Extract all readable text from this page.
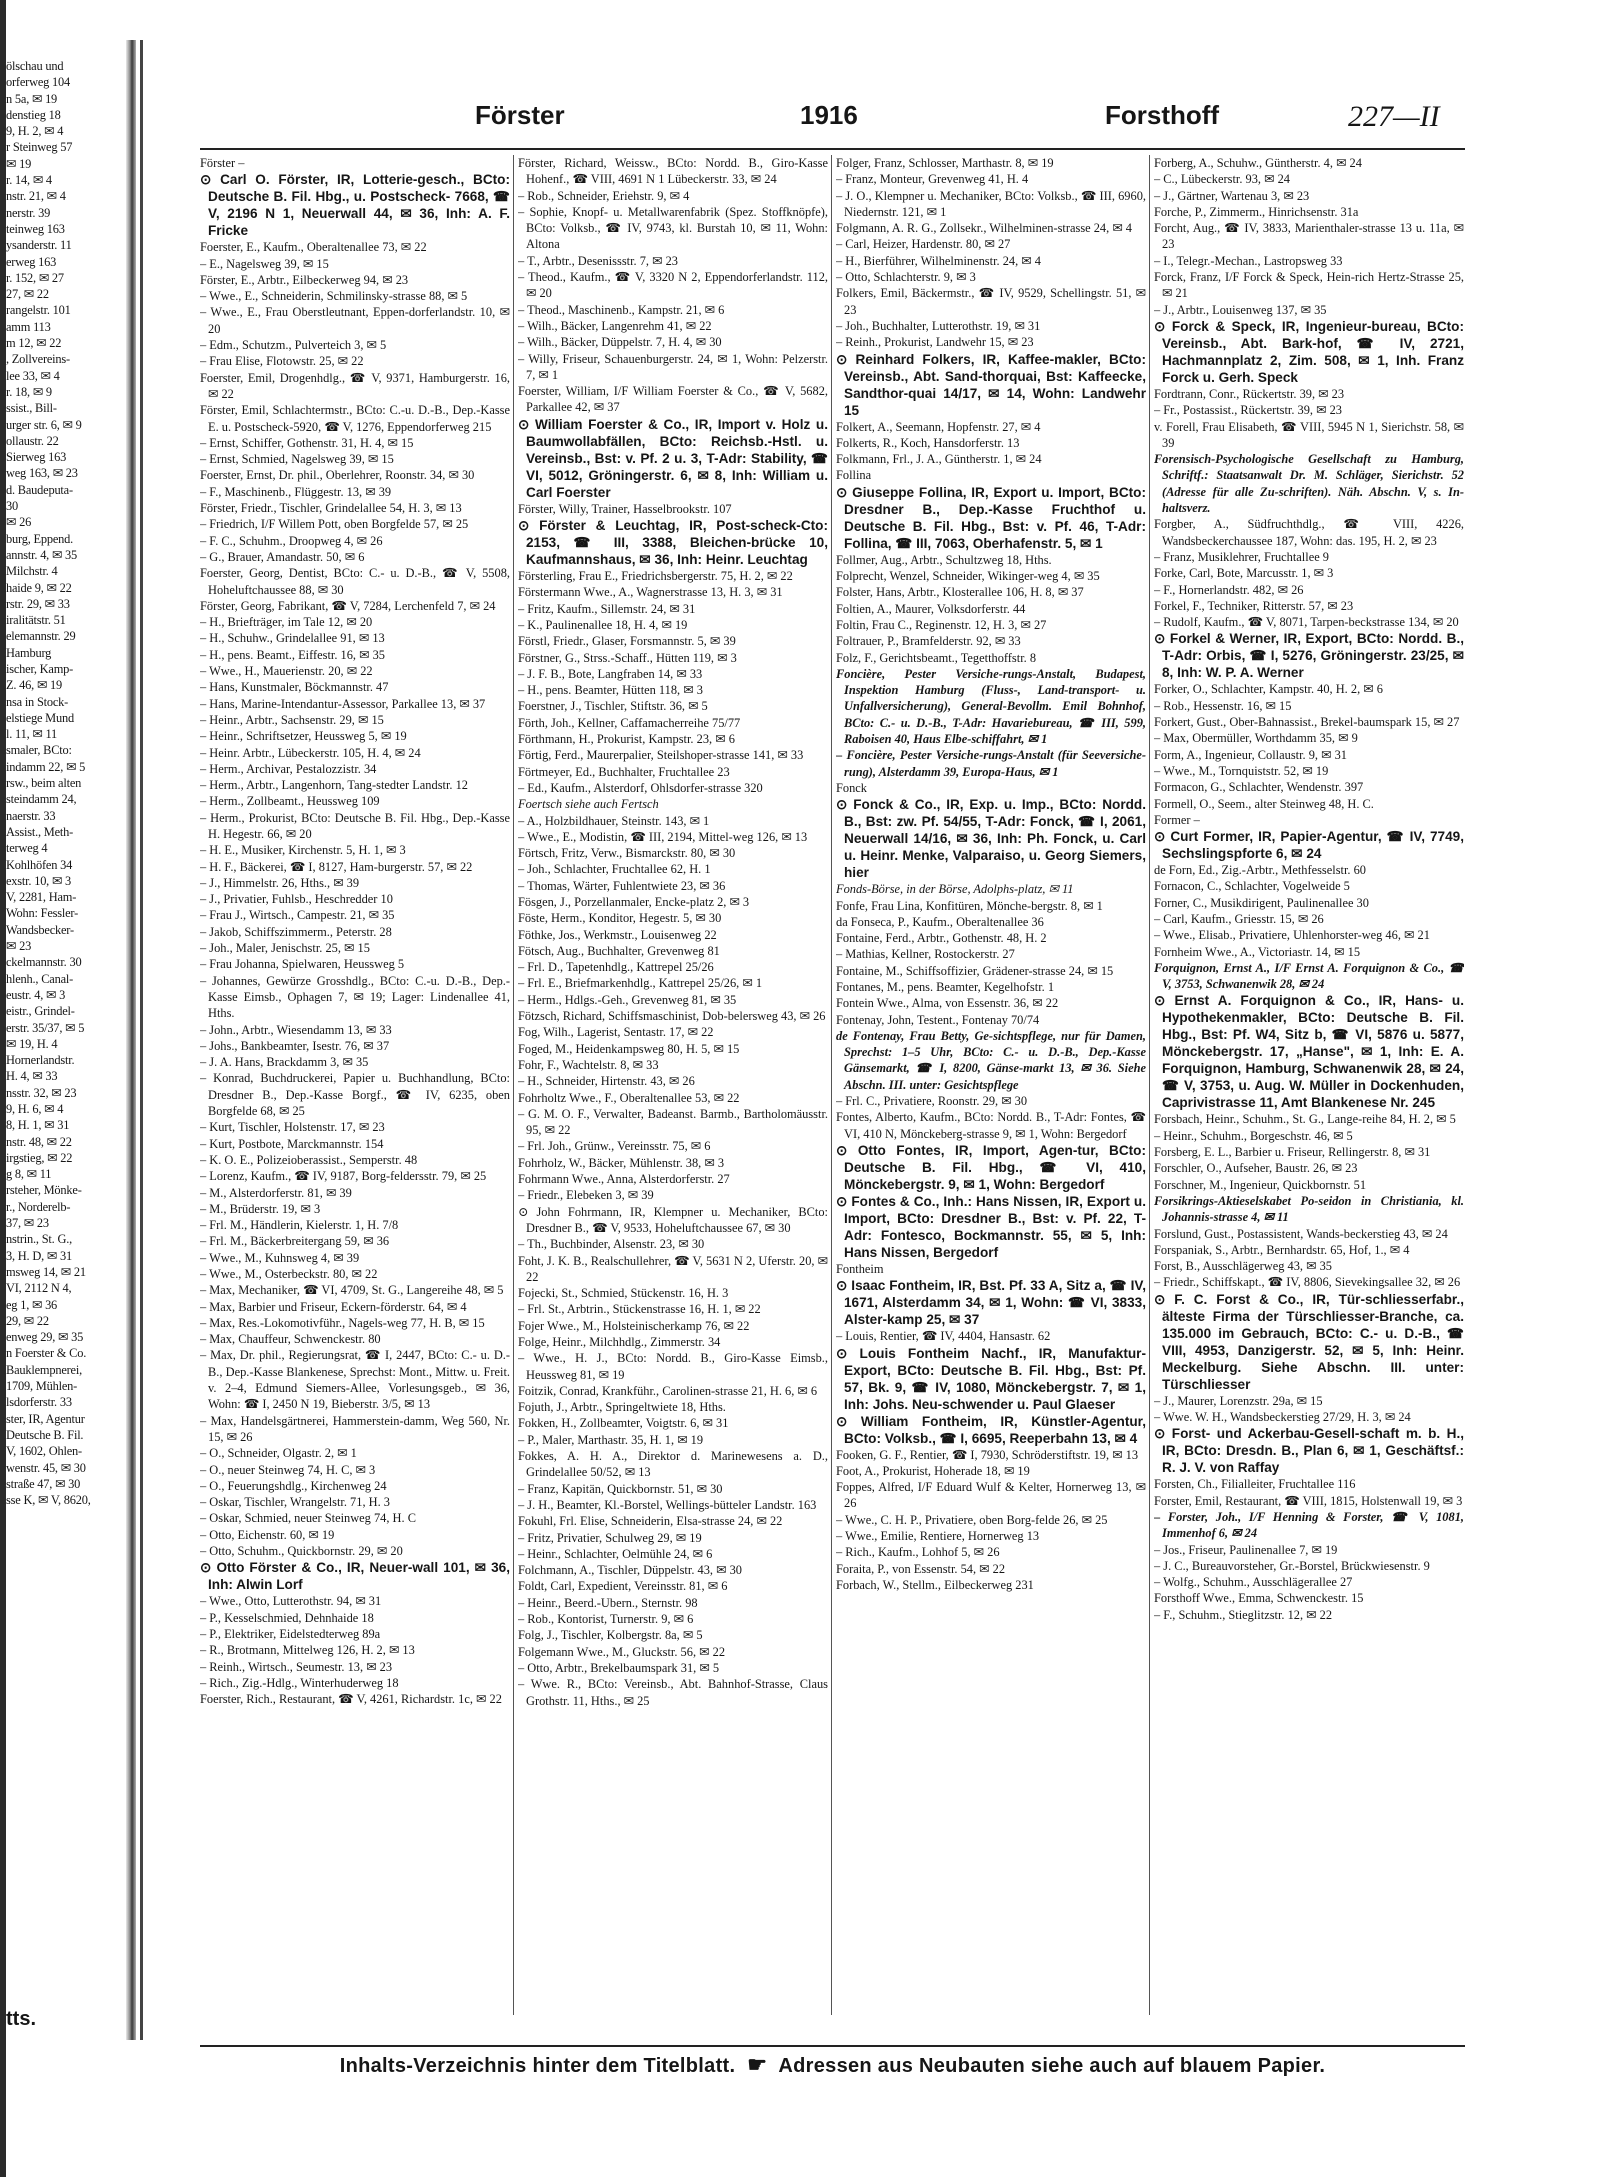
ölschau und
orferweg 104
n 5a, ✉ 19
denstieg 18
9, H. 2, ✉ 4
r Steinweg 57
✉ 19
r. 14, ✉ 4
nstr. 21, ✉ 4
nerstr. 39
teinweg 163
ysanderstr. 11
erweg 163
r. 152, ✉ 27
27, ✉ 22
rangelstr. 101
amm 113
m 12, ✉ 22
, Zollvereins-
lee 33, ✉ 4
r. 18, ✉ 9
ssist., Bill-
urger str. 6, ✉ 9
ollaustr. 22
Sierweg 163
weg 163, ✉ 23
d. Baudeputa-
30
✉ 26
burg, Eppend.
annstr. 4, ✉ 35
Milchstr. 4
haide 9, ✉ 22
rstr. 29, ✉ 33
iralitätstr. 51
elemannstr. 29
Hamburg
ischer, Kamp-
Z. 46, ✉ 19
nsa in Stock-
elstiege Mund
l. 11, ✉ 11
smaler, BCto:
indamm 22, ✉ 5
rsw., beim alten
steindamm 24,
naerstr. 33
Assist., Meth-
terweg 4
Kohlhöfen 34
exstr. 10, ✉ 3
V, 2281, Ham-
Wohn: Fessler-
Wandsbecker-
✉ 23
ckelmannstr. 30
hlenh., Canal-
eustr. 4, ✉ 3
eistr., Grindel-
erstr. 35/37, ✉ 5
✉ 19, H. 4
Hornerlandstr.
H. 4, ✉ 33
nsstr. 32, ✉ 23
9, H. 6, ✉ 4
8, H. 1, ✉ 31
nstr. 48, ✉ 22
irgstieg, ✉ 22
g 8, ✉ 11
rsteher, Mönke-
r., Norderelb-
37, ✉ 23
nstrin., St. G.,
3, H. D, ✉ 31
msweg 14, ✉ 21
VI, 2112 N 4,
eg 1, ✉ 36
29, ✉ 22
enweg 29, ✉ 35
n Foerster & Co.
Bauklempnerei,
1709, Mühlen-
lsdorferstr. 33
ster, IR, Agentur
Deutsche B. Fil.
V, 1602, Ohlen-
wenstr. 45, ✉ 30
straße 47, ✉ 30
sse K, ✉ V, 8620,
tts.
Förster	1916	Forsthoff	227—II
Förster –
⊙ Carl O. Förster, IR, Lotterie-gesch., BCto: Deutsche B. Fil. Hbg., u. Postscheck- 7668, ☎ V, 2196 N 1, Neuerwall 44, ✉ 36, Inh: A. F. Fricke
Foerster, E., Kaufm., Oberaltenallee 73, ✉ 22
– E., Nagelsweg 39, ✉ 15
Förster, E., Arbtr., Eilbeckerweg 94, ✉ 23
– Wwe., E., Schneiderin, Schmilinsky-strasse 88, ✉ 5
– Wwe., E., Frau Oberstleutnant, Eppen-dorferlandstr. 10, ✉ 20
– Edm., Schutzm., Pulverteich 3, ✉ 5
– Frau Elise, Flotowstr. 25, ✉ 22
Foerster, Emil, Drogenhdlg., ☎ V, 9371, Hamburgerstr. 16, ✉ 22
Förster, Emil, Schlachtermstr., BCto: C.-u. D.-B., Dep.-Kasse E. u. Postscheck-5920, ☎ V, 1276, Eppendorferweg 215
– Ernst, Schiffer, Gothenstr. 31, H. 4, ✉ 15
– Ernst, Schmied, Nagelsweg 39, ✉ 15
Foerster, Ernst, Dr. phil., Oberlehrer, Roonstr. 34, ✉ 30
– F., Maschinenb., Flüggestr. 13, ✉ 39
Förster, Friedr., Tischler, Grindelallee 54, H. 3, ✉ 13
– Friedrich, I/F Willem Pott, oben Borgfelde 57, ✉ 25
– F. C., Schuhm., Droopweg 4, ✉ 26
– G., Brauer, Amandastr. 50, ✉ 6
Foerster, Georg, Dentist, BCto: C.- u. D.-B., ☎ V, 5508, Hoheluftchaussee 88, ✉ 30
Förster, Georg, Fabrikant, ☎ V, 7284, Lerchenfeld 7, ✉ 24
– H., Briefträger, im Tale 12, ✉ 20
– H., Schuhw., Grindelallee 91, ✉ 13
– H., pens. Beamt., Eiffestr. 16, ✉ 35
– Wwe., H., Mauerienstr. 20, ✉ 22
– Hans, Kunstmaler, Böckmannstr. 47
– Hans, Marine-Intendantur-Assessor, Parkallee 13, ✉ 37
– Heinr., Arbtr., Sachsenstr. 29, ✉ 15
– Heinr., Schriftsetzer, Heussweg 5, ✉ 19
– Heinr. Arbtr., Lübeckerstr. 105, H. 4, ✉ 24
– Herm., Archivar, Pestalozzistr. 34
– Herm., Arbtr., Langenhorn, Tang-stedter Landstr. 12
– Herm., Zollbeamt., Heussweg 109
– Herm., Prokurist, BCto: Deutsche B. Fil. Hbg., Dep.-Kasse H. Hegestr. 66, ✉ 20
– H. E., Musiker, Kirchenstr. 5, H. 1, ✉ 3
– H. F., Bäckerei, ☎ I, 8127, Ham-burgerstr. 57, ✉ 22
– J., Himmelstr. 26, Hths., ✉ 39
– J., Privatier, Fuhlsb., Heschredder 10
– Frau J., Wirtsch., Campestr. 21, ✉ 35
– Jakob, Schiffszimmerm., Peterstr. 28
– Joh., Maler, Jenischstr. 25, ✉ 15
– Frau Johanna, Spielwaren, Heussweg 5
– Johannes, Gewürze Grosshdlg., BCto: C.-u. D.-B., Dep.-Kasse Eimsb., Ophagen 7, ✉ 19; Lager: Lindenallee 41, Hths.
– John., Arbtr., Wiesendamm 13, ✉ 33
– Johs., Bankbeamter, Isestr. 76, ✉ 37
– J. A. Hans, Brackdamm 3, ✉ 35
– Konrad, Buchdruckerei, Papier u. Buchhandlung, BCto: Dresdner B., Dep.-Kasse Borgf., ☎ IV, 6235, oben Borgfelde 68, ✉ 25
– Kurt, Tischler, Holstenstr. 17, ✉ 23
– Kurt, Postbote, Marckmannstr. 154
– K. O. E., Polizeioberassist., Semperstr. 48
– Lorenz, Kaufm., ☎ IV, 9187, Borg-feldersstr. 79, ✉ 25
– M., Alsterdorferstr. 81, ✉ 39
– M., Brüderstr. 19, ✉ 3
– Frl. M., Händlerin, Kielerstr. 1, H. 7/8
– Frl. M., Bäckerbreitergang 59, ✉ 36
– Wwe., M., Kuhnsweg 4, ✉ 39
– Wwe., M., Osterbeckstr. 80, ✉ 22
– Max, Mechaniker, ☎ VI, 4709, St. G., Langereihe 48, ✉ 5
– Max, Barbier und Friseur, Eckern-förderstr. 64, ✉ 4
– Max, Res.-Lokomotivführ., Nagels-weg 77, H. B, ✉ 15
– Max, Chauffeur, Schwenckestr. 80
– Max, Dr. phil., Regierungsrat, ☎ I, 2447, BCto: C.- u. D.-B., Dep.-Kasse Blankenese, Sprechst: Mont., Mittw. u. Freit. v. 2–4, Edmund Siemers-Allee, Vorlesungsgeb., ✉ 36, Wohn: ☎ I, 2450 N 19, Bieberstr. 3/5, ✉ 13
– Max, Handelsgärtnerei, Hammerstein-damm, Weg 560, Nr. 15, ✉ 26
– O., Schneider, Olgastr. 2, ✉ 1
– O., neuer Steinweg 74, H. C, ✉ 3
– O., Feuerungshdlg., Kirchenweg 24
– Oskar, Tischler, Wrangelstr. 71, H. 3
– Oskar, Schmied, neuer Steinweg 74, H. C
– Otto, Eichenstr. 60, ✉ 19
– Otto, Schuhm., Quickbornstr. 29, ✉ 20
⊙ Otto Förster & Co., IR, Neuer-wall 101, ✉ 36, Inh: Alwin Lorf
– Wwe., Otto, Lutterothstr. 94, ✉ 31
– P., Kesselschmied, Dehnhaide 18
– P., Elektriker, Eidelstedterweg 89a
– R., Brotmann, Mittelweg 126, H. 2, ✉ 13
– Reinh., Wirtsch., Seumestr. 13, ✉ 23
– Rich., Zig.-Hdlg., Winterhuderweg 18
Foerster, Rich., Restaurant, ☎ V, 4261, Richardstr. 1c, ✉ 22
Förster, Richard, Weissw., BCto: Nordd. B., Giro-Kasse Hohenf., ☎ VIII, 4691 N 1 Lübeckerstr. 33, ✉ 24
– Rob., Schneider, Eriehstr. 9, ✉ 4
– Sophie, Knopf- u. Metallwarenfabrik (Spez. Stoffknöpfe), BCto: Volksb., ☎ IV, 9743, kl. Burstah 10, ✉ 11, Wohn: Altona
– T., Arbtr., Desenissstr. 7, ✉ 23
– Theod., Kaufm., ☎ V, 3320 N 2, Eppendorferlandstr. 112, ✉ 20
– Theod., Maschinenb., Kampstr. 21, ✉ 6
– Wilh., Bäcker, Langenrehm 41, ✉ 22
– Wilh., Bäcker, Düppelstr. 7, H. 4, ✉ 30
– Willy, Friseur, Schauenburgerstr. 24, ✉ 1, Wohn: Pelzerstr. 7, ✉ 1
Foerster, William, I/F William Foerster & Co., ☎ V, 5682, Parkallee 42, ✉ 37
⊙ William Foerster & Co., IR, Import v. Holz u. Baumwollabfällen, BCto: Reichsb.-Hstl. u. Vereinsb., Bst: v. Pf. 2 u. 3, T-Adr: Stability, ☎ VI, 5012, Gröningerstr. 6, ✉ 8, Inh: William u. Carl Foerster
Förster, Willy, Trainer, Hasselbrookstr. 107
⊙ Förster & Leuchtag, IR, Post-scheck-Cto: 2153, ☎ III, 3388, Bleichen-brücke 10, Kaufmannshaus, ✉ 36, Inh: Heinr. Leuchtag
Försterling, Frau E., Friedrichsbergerstr. 75, H. 2, ✉ 22
Förstermann Wwe., A., Wagnerstrasse 13, H. 3, ✉ 31
– Fritz, Kaufm., Sillemstr. 24, ✉ 31
– K., Paulinenallee 18, H. 4, ✉ 19
Förstl, Friedr., Glaser, Forsmannstr. 5, ✉ 39
Förstner, G., Strss.-Schaff., Hütten 119, ✉ 3
– J. F. B., Bote, Langfraben 14, ✉ 33
– H., pens. Beamter, Hütten 118, ✉ 3
Foerstner, J., Tischler, Stiftstr. 36, ✉ 5
Förth, Joh., Kellner, Caffamacherreihe 75/77
Förthmann, H., Prokurist, Kampstr. 23, ✉ 6
Förtig, Ferd., Maurerpalier, Steilshoper-strasse 141, ✉ 33
Förtmeyer, Ed., Buchhalter, Fruchtallee 23
– Ed., Kaufm., Alsterdorf, Ohlsdorfer-strasse 320
Foertsch siehe auch Fertsch
– A., Holzbildhauer, Steinstr. 143, ✉ 1
– Wwe., E., Modistin, ☎ III, 2194, Mittel-weg 126, ✉ 13
Förtsch, Fritz, Verw., Bismarckstr. 80, ✉ 30
– Joh., Schlachter, Fruchtallee 62, H. 1
– Thomas, Wärter, Fuhlentwiete 23, ✉ 36
Fösgen, J., Porzellanmaler, Encke-platz 2, ✉ 3
Föste, Herm., Konditor, Hegestr. 5, ✉ 30
Föthke, Jos., Werkmstr., Louisenweg 22
Fötsch, Aug., Buchhalter, Grevenweg 81
– Frl. D., Tapetenhdlg., Kattrepel 25/26
– Frl. E., Briefmarkenhdlg., Kattrepel 25/26, ✉ 1
– Herm., Hdlgs.-Geh., Grevenweg 81, ✉ 35
Fötzsch, Richard, Schiffsmaschinist, Dob-belersweg 43, ✉ 26
Fog, Wilh., Lagerist, Sentastr. 17, ✉ 22
Foged, M., Heidenkampsweg 80, H. 5, ✉ 15
Fohr, F., Wachtelstr. 8, ✉ 33
– H., Schneider, Hirtenstr. 43, ✉ 26
Fohrholtz Wwe., F., Oberaltenallee 53, ✉ 22
– G. M. O. F., Verwalter, Badeanst. Barmb., Bartholomäusstr. 95, ✉ 22
– Frl. Joh., Grünw., Vereinsstr. 75, ✉ 6
Fohrholz, W., Bäcker, Mühlenstr. 38, ✉ 3
Fohrmann Wwe., Anna, Alsterdorferstr. 27
– Friedr., Elebeken 3, ✉ 39
⊙ John Fohrmann, IR, Klempner u. Mechaniker, BCto: Dresdner B., ☎ V, 9533, Hoheluftchaussee 67, ✉ 30
– Th., Buchbinder, Alsenstr. 23, ✉ 30
Foht, J. K. B., Realschullehrer, ☎ V, 5631 N 2, Uferstr. 20, ✉ 22
Fojecki, St., Schmied, Stückenstr. 16, H. 3
– Frl. St., Arbtrin., Stückenstrasse 16, H. 1, ✉ 22
Fojer Wwe., M., Holsteinischerkamp 76, ✉ 22
Folge, Heinr., Milchhdlg., Zimmerstr. 34
– Wwe., H. J., BCto: Nordd. B., Giro-Kasse Eimsb., Heussweg 81, ✉ 19
Foitzik, Conrad, Krankführ., Carolinen-strasse 21, H. 6, ✉ 6
Fojuth, J., Arbtr., Springeltwiete 18, Hths.
Fokken, H., Zollbeamter, Voigtstr. 6, ✉ 31
– P., Maler, Marthastr. 35, H. 1, ✉ 19
Fokkes, A. H. A., Direktor d. Marinewesens a. D., Grindelallee 50/52, ✉ 13
– Franz, Kapitän, Quickbornstr. 51, ✉ 30
– J. H., Beamter, Kl.-Borstel, Wellings-bütteler Landstr. 163
Fokuhl, Frl. Elise, Schneiderin, Elsa-strasse 24, ✉ 22
– Fritz, Privatier, Schulweg 29, ✉ 19
– Heinr., Schlachter, Oelmühle 24, ✉ 6
Folchmann, A., Tischler, Düppelstr. 43, ✉ 30
Foldt, Carl, Expedient, Vereinsstr. 81, ✉ 6
– Heinr., Beerd.-Ubern., Sternstr. 98
– Rob., Kontorist, Turnerstr. 9, ✉ 6
Folg, J., Tischler, Kolbergstr. 8a, ✉ 5
Folgemann Wwe., M., Gluckstr. 56, ✉ 22
– Otto, Arbtr., Brekelbaumspark 31, ✉ 5
– Wwe. R., BCto: Vereinsb., Abt. Bahnhof-Strasse, Claus Grothstr. 11, Hths., ✉ 25
Folger, Franz, Schlosser, Marthastr. 8, ✉ 19
– Franz, Monteur, Grevenweg 41, H. 4
– J. O., Klempner u. Mechaniker, BCto: Volksb., ☎ III, 6960, Niedernstr. 121, ✉ 1
Folgmann, A. R. G., Zollsekr., Wilhelminen-strasse 24, ✉ 4
– Carl, Heizer, Hardenstr. 80, ✉ 27
– H., Bierführer, Wilhelminenstr. 24, ✉ 4
– Otto, Schlachterstr. 9, ✉ 3
Folkers, Emil, Bäckermstr., ☎ IV, 9529, Schellingstr. 51, ✉ 23
– Joh., Buchhalter, Lutterothstr. 19, ✉ 31
– Reinh., Prokurist, Landwehr 15, ✉ 23
⊙ Reinhard Folkers, IR, Kaffee-makler, BCto: Vereinsb., Abt. Sand-thorquai, Bst: Kaffeecke, Sandthor-quai 14/17, ✉ 14, Wohn: Landwehr 15
Folkert, A., Seemann, Hopfenstr. 27, ✉ 4
Folkerts, R., Koch, Hansdorferstr. 13
Folkmann, Frl., J. A., Güntherstr. 1, ✉ 24
Follina
⊙ Giuseppe Follina, IR, Export u. Import, BCto: Dresdner B., Dep.-Kasse Fruchthof u. Deutsche B. Fil. Hbg., Bst: v. Pf. 46, T-Adr: Follina, ☎ III, 7063, Oberhafenstr. 5, ✉ 1
Follmer, Aug., Arbtr., Schultzweg 18, Hths.
Folprecht, Wenzel, Schneider, Wikinger-weg 4, ✉ 35
Folster, Hans, Arbtr., Klosterallee 106, H. 8, ✉ 37
Foltien, A., Maurer, Volksdorferstr. 44
Foltin, Frau C., Reginenstr. 12, H. 3, ✉ 27
Foltrauer, P., Bramfelderstr. 92, ✉ 33
Folz, F., Gerichtsbeamt., Tegetthoffstr. 8
Foncière, Pester Versiche-rungs-Anstalt, Budapest, Inspektion Hamburg (Fluss-, Land-transport- u. Unfallversicherung), General-Bevollm. Emil Bohnhof, BCto: C.- u. D.-B., T-Adr: Havariebureau, ☎ III, 599, Raboisen 40, Haus Elbe-schiffahrt, ✉ 1
– Foncière, Pester Versiche-rungs-Anstalt (für Seeversiche-rung), Alsterdamm 39, Europa-Haus, ✉ 1
Fonck
⊙ Fonck & Co., IR, Exp. u. Imp., BCto: Nordd. B., Bst: zw. Pf. 54/55, T-Adr: Fonck, ☎ I, 2061, Neuerwall 14/16, ✉ 36, Inh: Ph. Fonck, u. Carl u. Heinr. Menke, Valparaiso, u. Georg Siemers, hier
Fonds-Börse, in der Börse, Adolphs-platz, ✉ 11
Fonfe, Frau Lina, Konfitüren, Mönche-bergstr. 8, ✉ 1
da Fonseca, P., Kaufm., Oberaltenallee 36
Fontaine, Ferd., Arbtr., Gothenstr. 48, H. 2
– Mathias, Kellner, Rostockerstr. 27
Fontaine, M., Schiffsoffizier, Grädener-strasse 24, ✉ 15
Fontanes, M., pens. Beamter, Kegelhofstr. 1
Fontein Wwe., Alma, von Essenstr. 36, ✉ 22
Fontenay, John, Testent., Fontenay 70/74
de Fontenay, Frau Betty, Ge-sichtspflege, nur für Damen, Sprechst: 1–5 Uhr, BCto: C.- u. D.-B., Dep.-Kasse Gänsemarkt, ☎ I, 8200, Gänse-markt 13, ✉ 36. Siehe Abschn. III. unter: Gesichtspflege
– Frl. C., Privatiere, Roonstr. 29, ✉ 30
Fontes, Alberto, Kaufm., BCto: Nordd. B., T-Adr: Fontes, ☎ VI, 410 N, Mönckeberg-strasse 9, ✉ 1, Wohn: Bergedorf
⊙ Otto Fontes, IR, Import, Agen-tur, BCto: Deutsche B. Fil. Hbg., ☎ VI, 410, Mönckebergstr. 9, ✉ 1, Wohn: Bergedorf
⊙ Fontes & Co., Inh.: Hans Nissen, IR, Export u. Import, BCto: Dresdner B., Bst: v. Pf. 22, T-Adr: Fontesco, Bockmannstr. 55, ✉ 5, Inh: Hans Nissen, Bergedorf
Fontheim
⊙ Isaac Fontheim, IR, Bst. Pf. 33 A, Sitz a, ☎ IV, 1671, Alsterdamm 34, ✉ 1, Wohn: ☎ VI, 3833, Alster-kamp 25, ✉ 37
– Louis, Rentier, ☎ IV, 4404, Hansastr. 62
⊙ Louis Fontheim Nachf., IR, Manufaktur-Export, BCto: Deutsche B. Fil. Hbg., Bst: Pf. 57, Bk. 9, ☎ IV, 1080, Mönckebergstr. 7, ✉ 1, Inh: Johs. Neu-schwender u. Paul Glaeser
⊙ William Fontheim, IR, Künstler-Agentur, BCto: Volksb., ☎ I, 6695, Reeperbahn 13, ✉ 4
Fooken, G. F., Rentier, ☎ I, 7930, Schröderstiftstr. 19, ✉ 13
Foot, A., Prokurist, Hoherade 18, ✉ 19
Foppes, Alfred, I/F Eduard Wulf & Kelter, Hornerweg 13, ✉ 26
– Wwe., C. H. P., Privatiere, oben Borg-felde 26, ✉ 25
– Wwe., Emilie, Rentiere, Hornerweg 13
– Rich., Kaufm., Lohhof 5, ✉ 26
Foraita, P., von Essenstr. 54, ✉ 22
Forbach, W., Stellm., Eilbeckerweg 231
Forberg, A., Schuhw., Güntherstr. 4, ✉ 24
– C., Lübeckerstr. 93, ✉ 24
– J., Gärtner, Wartenau 3, ✉ 23
Forche, P., Zimmerm., Hinrichsenstr. 31a
Forcht, Aug., ☎ IV, 3833, Marienthaler-strasse 13 u. 11a, ✉ 23
– I., Telegr.-Mechan., Lastropsweg 33
Forck, Franz, I/F Forck & Speck, Hein-rich Hertz-Strasse 25, ✉ 21
– J., Arbtr., Louisenweg 137, ✉ 35
⊙ Forck & Speck, IR, Ingenieur-bureau, BCto: Vereinsb., Abt. Bark-hof, ☎ IV, 2721, Hachmannplatz 2, Zim. 508, ✉ 1, Inh. Franz Forck u. Gerh. Speck
Fordtrann, Conr., Rückertstr. 39, ✉ 23
– Fr., Postassist., Rückertstr. 39, ✉ 23
v. Forell, Frau Elisabeth, ☎ VIII, 5945 N 1, Sierichstr. 58, ✉ 39
Forensisch-Psychologische Gesellschaft zu Hamburg, Schriftf.: Staatsanwalt Dr. M. Schläger, Sierichstr. 52 (Adresse für alle Zu-schriften). Näh. Abschn. V, s. In-haltsverz.
Forgber, A., Südfruchthdlg., ☎ VIII, 4226, Wandsbeckerchaussee 187, Wohn: das. 195, H. 2, ✉ 23
– Franz, Musiklehrer, Fruchtallee 9
Forke, Carl, Bote, Marcusstr. 1, ✉ 3
– F., Hornerlandstr. 482, ✉ 26
Forkel, F., Techniker, Ritterstr. 57, ✉ 23
– Rudolf, Kaufm., ☎ V, 8071, Tarpen-beckstrasse 134, ✉ 20
⊙ Forkel & Werner, IR, Export, BCto: Nordd. B., T-Adr: Orbis, ☎ I, 5276, Gröningerstr. 23/25, ✉ 8, Inh: W. P. A. Werner
Forker, O., Schlachter, Kampstr. 40, H. 2, ✉ 6
– Rob., Hessenstr. 16, ✉ 15
Forkert, Gust., Ober-Bahnassist., Brekel-baumspark 15, ✉ 27
– Max, Obermüller, Worthdamm 35, ✉ 9
Form, A., Ingenieur, Collaustr. 9, ✉ 31
– Wwe., M., Tornquiststr. 52, ✉ 19
Formacon, G., Schlachter, Wendenstr. 397
Formell, O., Seem., alter Steinweg 48, H. C.
Former –
⊙ Curt Former, IR, Papier-Agentur, ☎ IV, 7749, Sechslingspforte 6, ✉ 24
de Forn, Ed., Zig.-Arbtr., Methfesselstr. 60
Fornacon, C., Schlachter, Vogelweide 5
Forner, C., Musikdirigent, Paulinenallee 30
– Carl, Kaufm., Griesstr. 15, ✉ 26
– Wwe., Elisab., Privatiere, Uhlenhorster-weg 46, ✉ 21
Fornheim Wwe., A., Victoriastr. 14, ✉ 15
Forquignon, Ernst A., I/F Ernst A. Forquignon & Co., ☎ V, 3753, Schwanenwik 28, ✉ 24
⊙ Ernst A. Forquignon & Co., IR, Hans- u. Hypothekenmakler, BCto: Deutsche B. Fil. Hbg., Bst: Pf. W4, Sitz b, ☎ VI, 5876 u. 5877, Mönckebergstr. 17, „Hanse", ✉ 1, Inh: E. A. Forquignon, Hamburg, Schwanenwik 28, ✉ 24, ☎ V, 3753, u. Aug. W. Müller in Dockenhuden, Caprivistrasse 11, Amt Blankenese Nr. 245
Forsbach, Heinr., Schuhm., St. G., Lange-reihe 84, H. 2, ✉ 5
– Heinr., Schuhm., Borgeschstr. 46, ✉ 5
Forsberg, E. L., Barbier u. Friseur, Rellingerstr. 8, ✉ 31
Forschler, O., Aufseher, Baustr. 26, ✉ 23
Forschner, M., Ingenieur, Quickbornstr. 51
Forsikrings-Aktieselskabet Po-seidon in Christiania, kl. Johannis-strasse 4, ✉ 11
Forslund, Gust., Postassistent, Wands-beckerstieg 43, ✉ 24
Forspaniak, S., Arbtr., Bernhardstr. 65, Hof, 1., ✉ 4
Forst, B., Ausschlägerweg 43, ✉ 35
– Friedr., Schiffskapt., ☎ IV, 8806, Sievekingsallee 32, ✉ 26
⊙ F. C. Forst & Co., IR, Tür-schliesserfabr., älteste Firma der Türschliesser-Branche, ca. 135.000 im Gebrauch, BCto: C.- u. D.-B., ☎ VIII, 4953, Danzigerstr. 52, ✉ 5, Inh: Heinr. Meckelburg. Siehe Abschn. III. unter: Türschliesser
– J., Maurer, Lorenzstr. 29a, ✉ 15
– Wwe. W. H., Wandsbeckerstieg 27/29, H. 3, ✉ 24
⊙ Forst- und Ackerbau-Gesell-schaft m. b. H., IR, BCto: Dresdn. B., Plan 6, ✉ 1, Geschäftsf.: R. J. V. von Raffay
Forsten, Ch., Filialleiter, Fruchtallee 116
Forster, Emil, Restaurant, ☎ VIII, 1815, Holstenwall 19, ✉ 3
– Forster, Joh., I/F Henning & Forster, ☎ V, 1081, Immenhof 6, ✉ 24
– Jos., Friseur, Paulinenallee 7, ✉ 19
– J. C., Bureauvorsteher, Gr.-Borstel, Brückwiesenstr. 9
– Wolfg., Schuhm., Ausschlägerallee 27
Forsthoff Wwe., Emma, Schwenckestr. 15
– F., Schuhm., Stieglitzstr. 12, ✉ 22
Inhalts-Verzeichnis hinter dem Titelblatt. ☛ Adressen aus Neubauten siehe auch auf blauem Papier.
